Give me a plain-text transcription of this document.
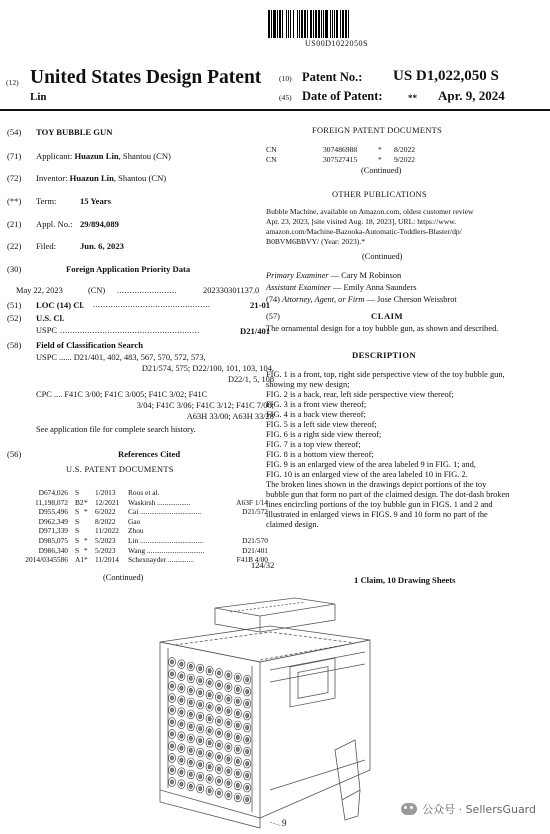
US00D1022050S
(12) United States Design Patent
Lin
(10) Patent No.: US D1,022,050 S
(45) Date of Patent:	** Apr. 9, 2024
(54) TOY BUBBLE GUN
(71) Applicant: Huazun Lin, Shantou (CN)
(72) Inventor: Huazun Lin, Shantou (CN)
(**) Term:	15 Years
(21) Appl. No.: 29/894,089
(22) Filed:	Jun. 6, 2023
(30)	Foreign Application Priority Data
May 22, 2023	(CN) ........................	202330301137.0
(51) LOC (14) Cl. ...............................................	21-01
(52) U.S. Cl.
USPC ........................................................	D21/401
(58) Field of Classification Search
USPC ...... D21/401, 402, 483, 567, 570, 572, 573,
D21/574, 575; D22/100, 101, 103, 104,
D22/1, 5, 108
CPC .... F41C 3/00; F41C 3/005; F41C 3/02; F41C
3/04; F41C 3/06; F41C 3/12; F41C 7/00;
A63H 33/00; A63H 33/28
See application file for complete search history.
(56)	References Cited
U.S. PATENT DOCUMENTS
D674,026 S 1/2013 Roos et al.
11,198,072 B2 * 12/2021 Waskirsh ..................	A63F 1/14
D955,496 S * 6/2022 Cai .................................	D21/572
D962,349 S 8/2022 Gao
D971,339 S 11/2022 Zhou
D985,075 S * 5/2023 Lin ..................................	D21/570
D986,340 S * 5/2023 Wang ...............................	D21/401
2014/0345586 A1 * 11/2014 Schexnayder ..............	F41B 4/00
124/32
(Continued)
FOREIGN PATENT DOCUMENTS
CN	307486988	* 8/2022
CN	307527415	* 9/2022
(Continued)
OTHER PUBLICATIONS
Bubble Machine, available on Amazon.com, oldest customer review
Apr. 23, 2023, [site visited Aug. 18, 2023], URL: https://www.
amazon.com/Machine-Bazooka-Automatic-Toddlers-Blaster/dp/
B0BVM6BBVY/ (Year: 2023).*
(Continued)
Primary Examiner — Cary M Robinson
Assistant Examiner — Emily Anna Saunders
(74) Attorney, Agent, or Firm — Jose Cherson Weissbrot
(57)	CLAIM
The ornamental design for a toy bubble gun, as shown and described.
DESCRIPTION

FIG. 1 is a front, top, right side perspective view of the toy bubble gun, showing my new design;

FIG. 2 is a back, rear, left side perspective view thereof;

FIG. 3 is a front view thereof;

FIG. 4 is a back view thereof;

FIG. 5 is a left side view thereof;

FIG. 6 is a right side view thereof;

FIG. 7 is a top view thereof;

FIG. 8 is a bottom view thereof;

FIG. 9 is an enlarged view of the area labeled 9 in FIG. 1; and,

FIG. 10 is an enlarged view of the area labeled 10 in FIG. 2.

The broken lines shown in the drawings depict portions of the toy bubble gun that form no part of the claimed design. The dot-dash broken lines encircling portions of the toy bubble gun in FIGS. 1 and 2 and illustrated in enlarged views in FIGS. 9 and 10 form no part of the claimed design.

1 Claim, 10 Drawing Sheets
9
公众号 · SellersGuard
